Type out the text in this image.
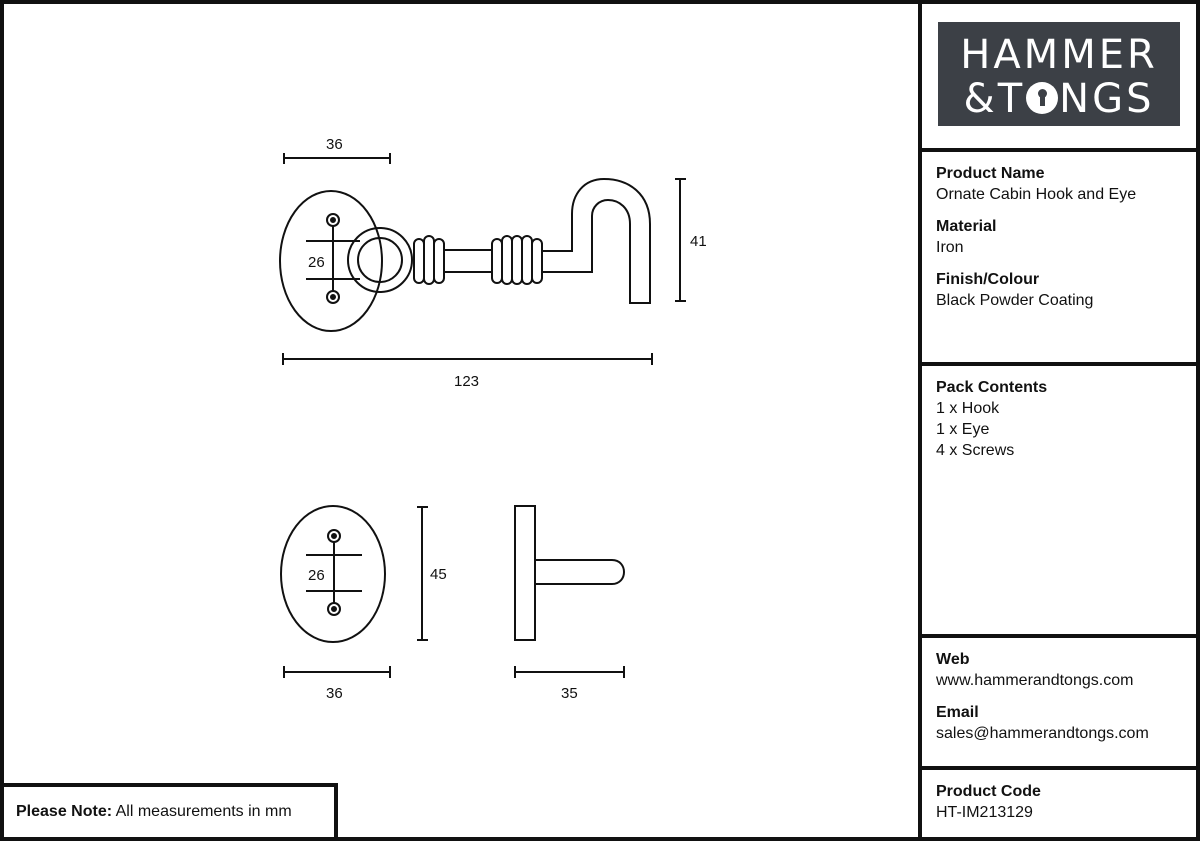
36
26
41
123
26	45
36	35
HAMMER
&T NGS
Product Name
Ornate Cabin Hook and Eye
Material
Iron
Finish/Colour
Black Powder Coating
Pack Contents
1 x Hook
1 x Eye
4 x Screws
Web
www.hammerandtongs.com
Email
sales@hammerandtongs.com
Product Code
HT-IM213129
Please Note: All measurements in mm
